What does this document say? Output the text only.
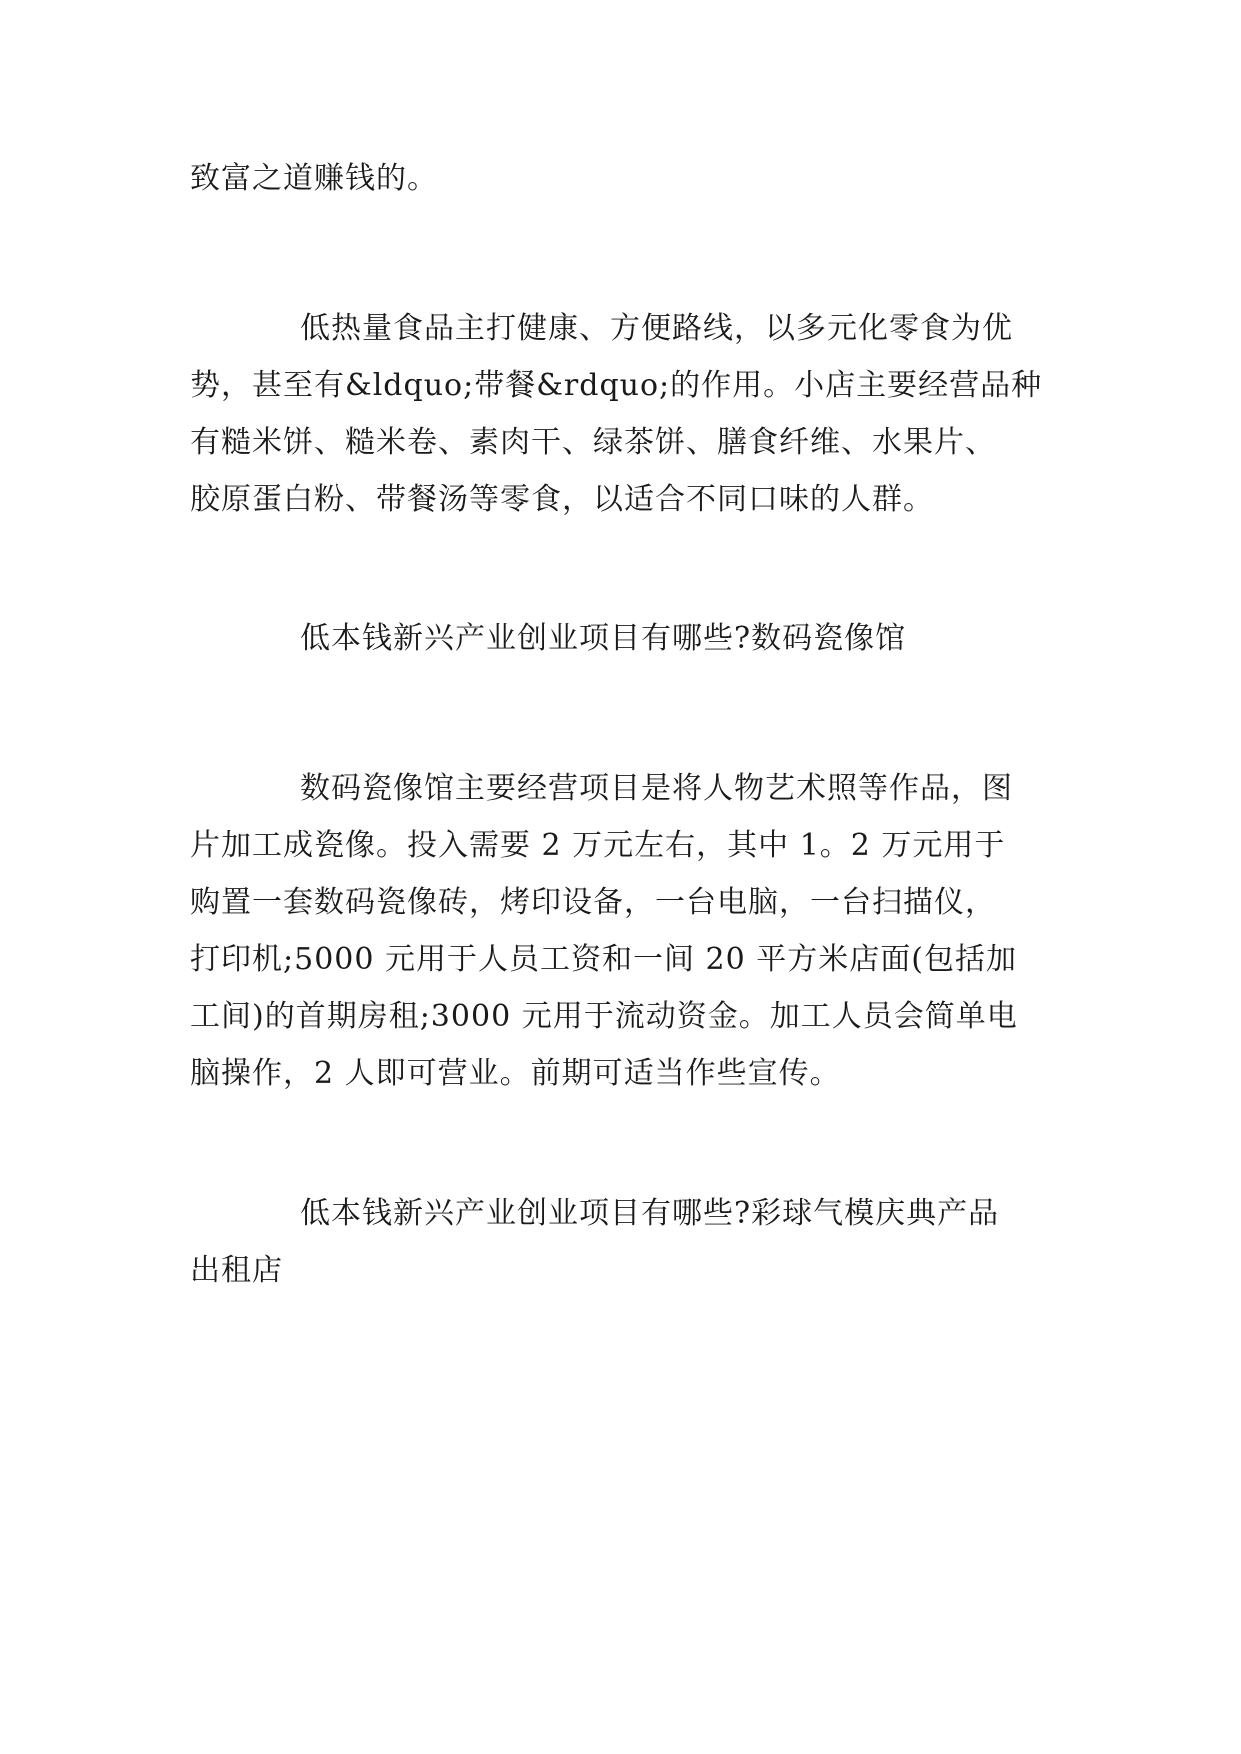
致富之道赚钱的。

低热量食品主打健康、方便路线，以多元化零食为优
势，甚至有&ldquo;带餐&rdquo;的作用。小店主要经营品种
有糙米饼、糙米卷、素肉干、绿茶饼、膳食纤维、水果片、
胶原蛋白粉、带餐汤等零食，以适合不同口味的人群。

低本钱新兴产业创业项目有哪些?数码瓷像馆

数码瓷像馆主要经营项目是将人物艺术照等作品，图
片加工成瓷像。投入需要 2 万元左右，其中 1。2 万元用于
购置一套数码瓷像砖，烤印设备，一台电脑，一台扫描仪，
打印机;5000 元用于人员工资和一间 20 平方米店面(包括加
工间)的首期房租;3000 元用于流动资金。加工人员会简单电
脑操作，2 人即可营业。前期可适当作些宣传。

低本钱新兴产业创业项目有哪些?彩球气模庆典产品
出租店
